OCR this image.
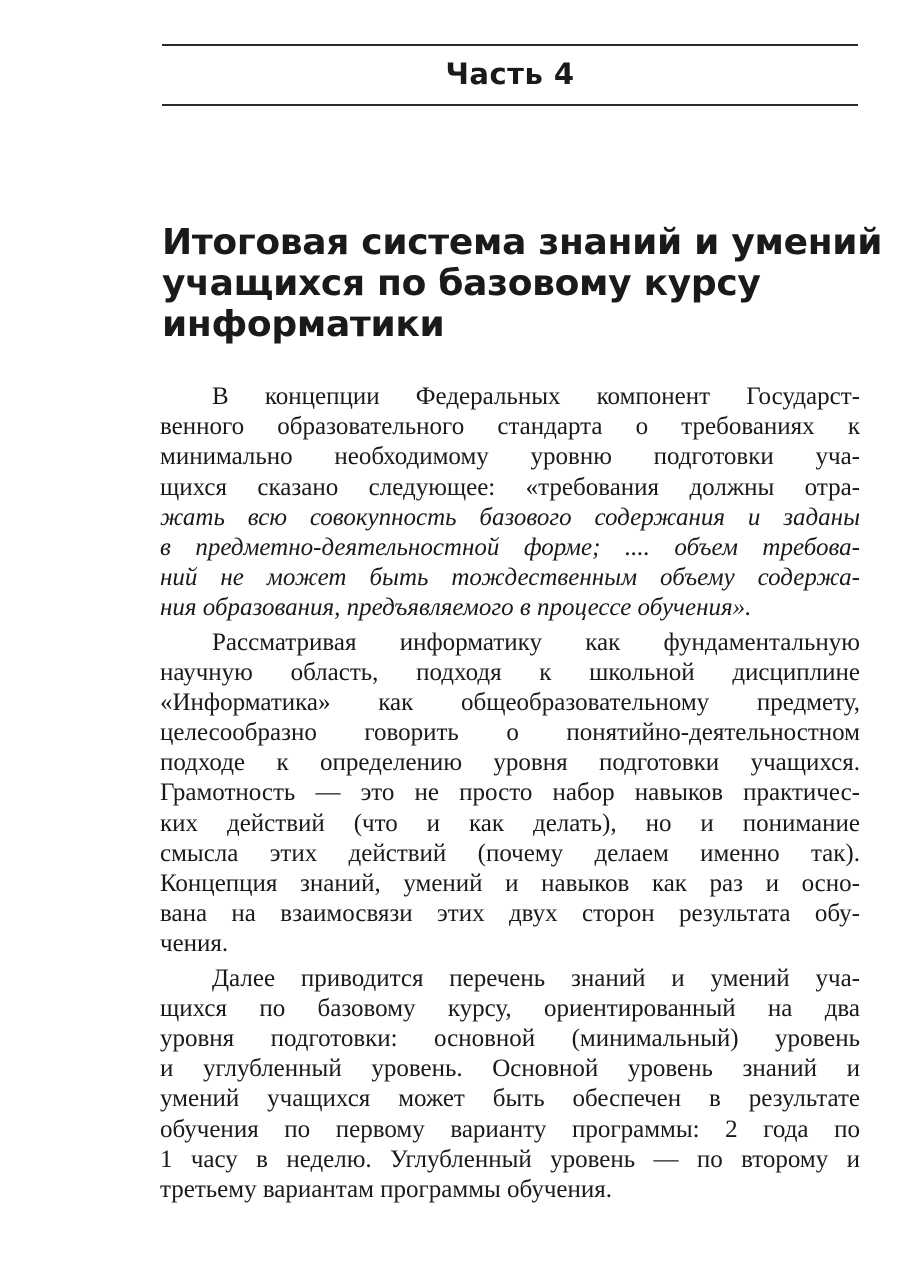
Часть 4
Итоговая система знаний и умений
учащихся по базовому курсу
информатики

В концепции Федеральных компонент Государст-
венного образовательного стандарта о требованиях к
минимально необходимому уровню подготовки уча-
щихся сказано следующее: «требования должны отра-
жать всю совокупность базового содержания и заданы
в предметно-деятельностной форме; .... объем требова-
ний не может быть тождественным объему содержа-
ния образования, предъявляемого в процессе обучения».

Рассматривая информатику как фундаментальную
научную область, подходя к школьной дисциплине
«Информатика» как общеобразовательному предмету,
целесообразно говорить о понятийно-деятельностном
подходе к определению уровня подготовки учащихся.
Грамотность — это не просто набор навыков практичес-
ких действий (что и как делать), но и понимание
смысла этих действий (почему делаем именно так).
Концепция знаний, умений и навыков как раз и осно-
вана на взаимосвязи этих двух сторон результата обу-
чения.

Далее приводится перечень знаний и умений уча-
щихся по базовому курсу, ориентированный на два
уровня подготовки: основной (минимальный) уровень
и углубленный уровень. Основной уровень знаний и
умений учащихся может быть обеспечен в результате
обучения по первому варианту программы: 2 года по
1 часу в неделю. Углубленный уровень — по второму и
третьему вариантам программы обучения.
